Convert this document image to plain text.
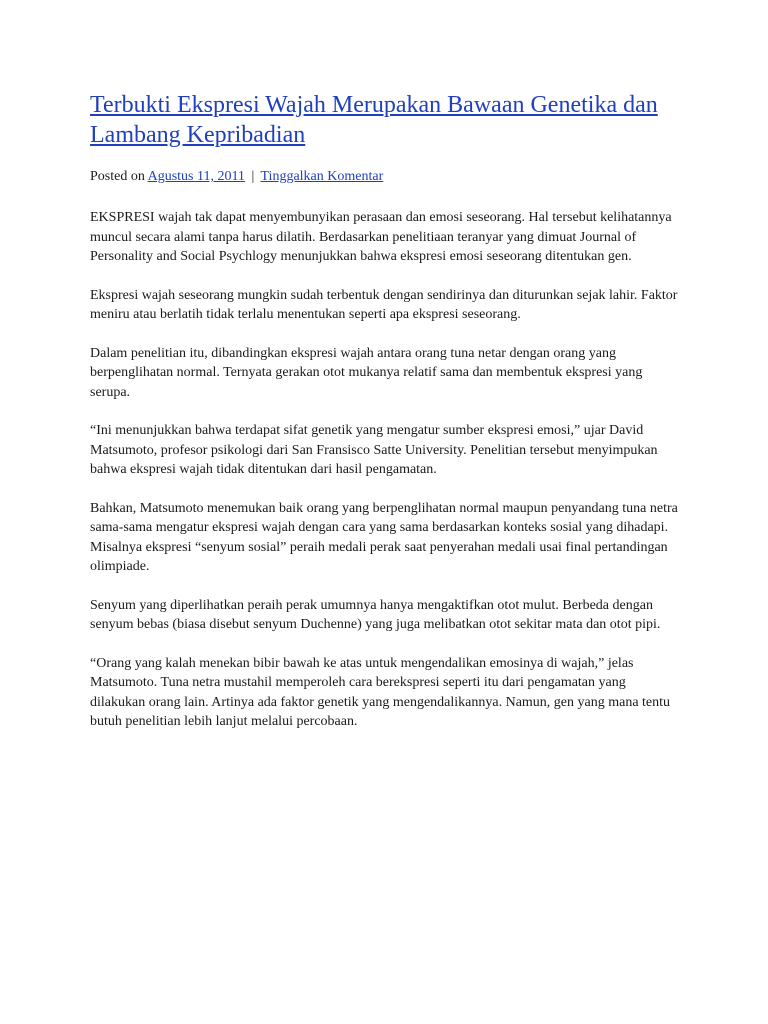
Terbukti Ekspresi Wajah Merupakan Bawaan Genetika dan Lambang Kepribadian
Posted on Agustus 11, 2011 | Tinggalkan Komentar

EKSPRESI wajah tak dapat menyembunyikan perasaan dan emosi seseorang. Hal tersebut kelihatannya muncul secara alami tanpa harus dilatih. Berdasarkan penelitiaan teranyar yang dimuat Journal of Personality and Social Psychlogy menunjukkan bahwa ekspresi emosi seseorang ditentukan gen.

Ekspresi wajah seseorang mungkin sudah terbentuk dengan sendirinya dan diturunkan sejak lahir. Faktor meniru atau berlatih tidak terlalu menentukan seperti apa ekspresi seseorang.

Dalam penelitian itu, dibandingkan ekspresi wajah antara orang tuna netar dengan orang yang berpenglihatan normal. Ternyata gerakan otot mukanya relatif sama dan membentuk ekspresi yang serupa.

“Ini menunjukkan bahwa terdapat sifat genetik yang mengatur sumber ekspresi emosi,” ujar David Matsumoto, profesor psikologi dari San Fransisco Satte University. Penelitian tersebut menyimpukan bahwa ekspresi wajah tidak ditentukan dari hasil pengamatan.

Bahkan, Matsumoto menemukan baik orang yang berpenglihatan normal maupun penyandang tuna netra sama-sama mengatur ekspresi wajah dengan cara yang sama berdasarkan konteks sosial yang dihadapi. Misalnya ekspresi “senyum sosial” peraih medali perak saat penyerahan medali usai final pertandingan olimpiade.

Senyum yang diperlihatkan peraih perak umumnya hanya mengaktifkan otot mulut. Berbeda dengan senyum bebas (biasa disebut senyum Duchenne) yang juga melibatkan otot sekitar mata dan otot pipi.

“Orang yang kalah menekan bibir bawah ke atas untuk mengendalikan emosinya di wajah,” jelas Matsumoto. Tuna netra mustahil memperoleh cara berekspresi seperti itu dari pengamatan yang dilakukan orang lain. Artinya ada faktor genetik yang mengendalikannya. Namun, gen yang mana tentu butuh penelitian lebih lanjut melalui percobaan.
